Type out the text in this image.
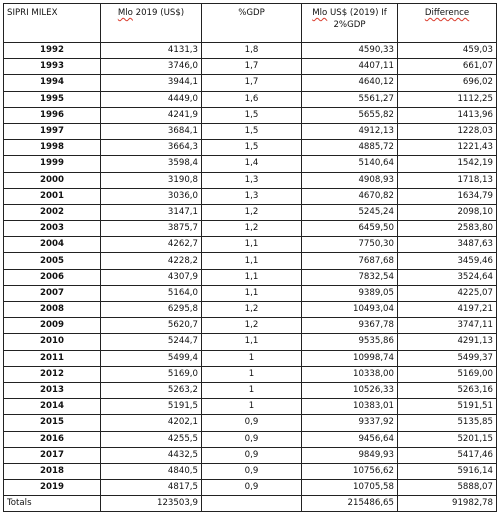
SIPRI MILEX	Mlo 2019 (US$)	%GDP	Mlo US$ (2019) If 2%GDP	Difference
1992	4131,3	1,8	4590,33	459,03
1993	3746,0	1,7	4407,11	661,07
1994	3944,1	1,7	4640,12	696,02
1995	4449,0	1,6	5561,27	1112,25
1996	4241,9	1,5	5655,82	1413,96
1997	3684,1	1,5	4912,13	1228,03
1998	3664,3	1,5	4885,72	1221,43
1999	3598,4	1,4	5140,64	1542,19
2000	3190,8	1,3	4908,93	1718,13
2001	3036,0	1,3	4670,82	1634,79
2002	3147,1	1,2	5245,24	2098,10
2003	3875,7	1,2	6459,50	2583,80
2004	4262,7	1,1	7750,30	3487,63
2005	4228,2	1,1	7687,68	3459,46
2006	4307,9	1,1	7832,54	3524,64
2007	5164,0	1,1	9389,05	4225,07
2008	6295,8	1,2	10493,04	4197,21
2009	5620,7	1,2	9367,78	3747,11
2010	5244,7	1,1	9535,86	4291,13
2011	5499,4	1	10998,74	5499,37
2012	5169,0	1	10338,00	5169,00
2013	5263,2	1	10526,33	5263,16
2014	5191,5	1	10383,01	5191,51
2015	4202,1	0,9	9337,92	5135,85
2016	4255,5	0,9	9456,64	5201,15
2017	4432,5	0,9	9849,93	5417,46
2018	4840,5	0,9	10756,62	5916,14
2019	4817,5	0,9	10705,58	5888,07
Totals	123503,9		215486,65	91982,78
